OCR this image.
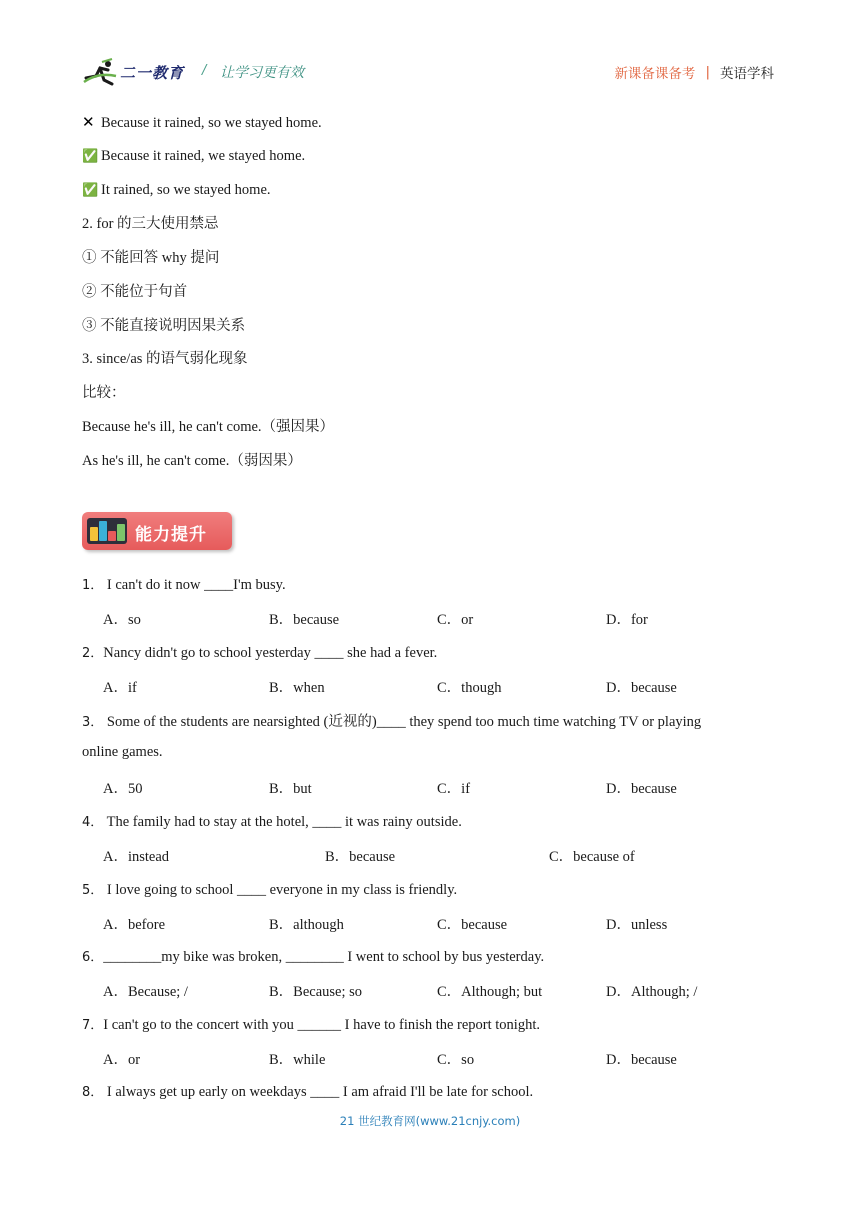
二一教育 / 让学习更有效	新课备课备考 | 英语学科
✕ Because it rained, so we stayed home.
✅ Because it rained, we stayed home.
✅ It rained, so we stayed home.
2. for 的三大使用禁忌
① 不能回答 why 提问
② 不能位于句首
③ 不能直接说明因果关系
3. since/as 的语气弱化现象
比较：
Because he's ill, he can't come.（强因果）
As he's ill, he can't come.（弱因果）
能力提升
1． I can't do it now ____I'm busy.
A．so	B．because	C．or	D．for
2．Nancy didn't go to school yesterday ____ she had a fever.
A．if	B．when	C．though	D．because
3． Some of the students are nearsighted (近视的)____ they spend too much time watching TV or playing
online games.
A．50	B．but	C．if	D．because
4． The family had to stay at the hotel, ____ it was rainy outside.
A．instead	B．because	C．because of
5． I love going to school ____ everyone in my class is friendly.
A．before	B．although	C．because	D．unless
6．________my bike was broken, ________ I went to school by bus yesterday.
A．Because; /	B．Because; so	C．Although; but	D．Although; /
7．I can't go to the concert with you ______ I have to finish the report tonight.
A．or	B．while	C．so	D．because
8． I always get up early on weekdays ____ I am afraid I'll be late for school.
21 世纪教育网(www.21cnjy.com)
